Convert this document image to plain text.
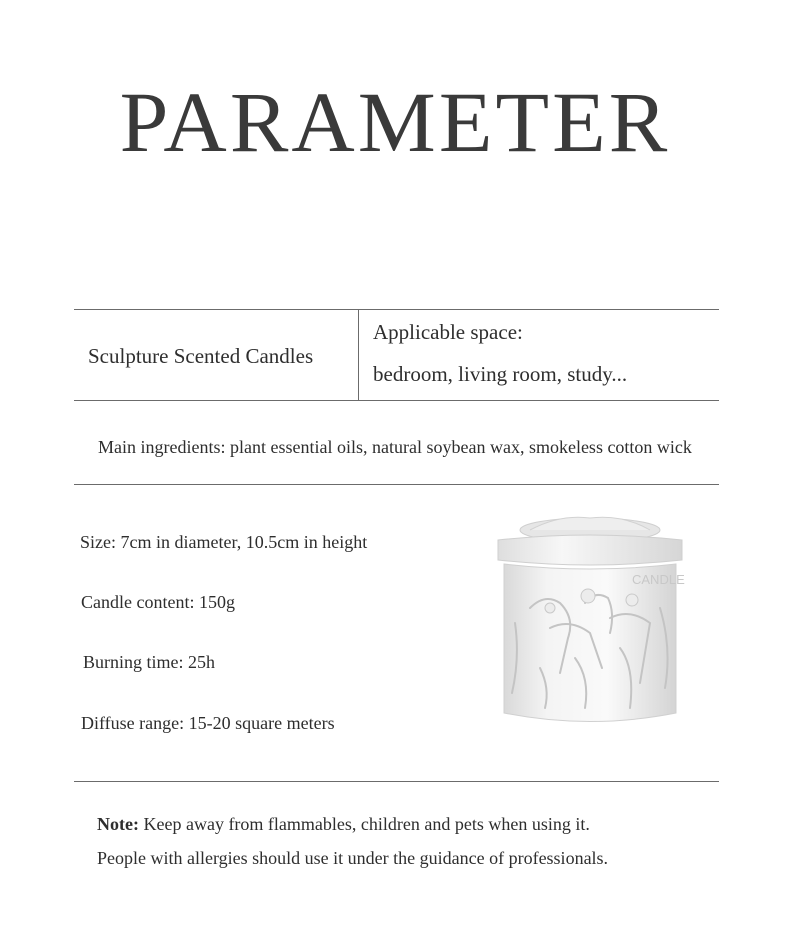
PARAMETER
Sculpture Scented Candles
Applicable space:
bedroom, living room, study...
Main ingredients: plant essential oils, natural soybean wax, smokeless cotton wick
Size: 7cm in diameter, 10.5cm in height
Candle content: 150g
Burning time: 25h
Diffuse range: 15-20 square meters
CANDLE
Note: Keep away from flammables, children and pets when using it.
People with allergies should use it under the guidance of professionals.
